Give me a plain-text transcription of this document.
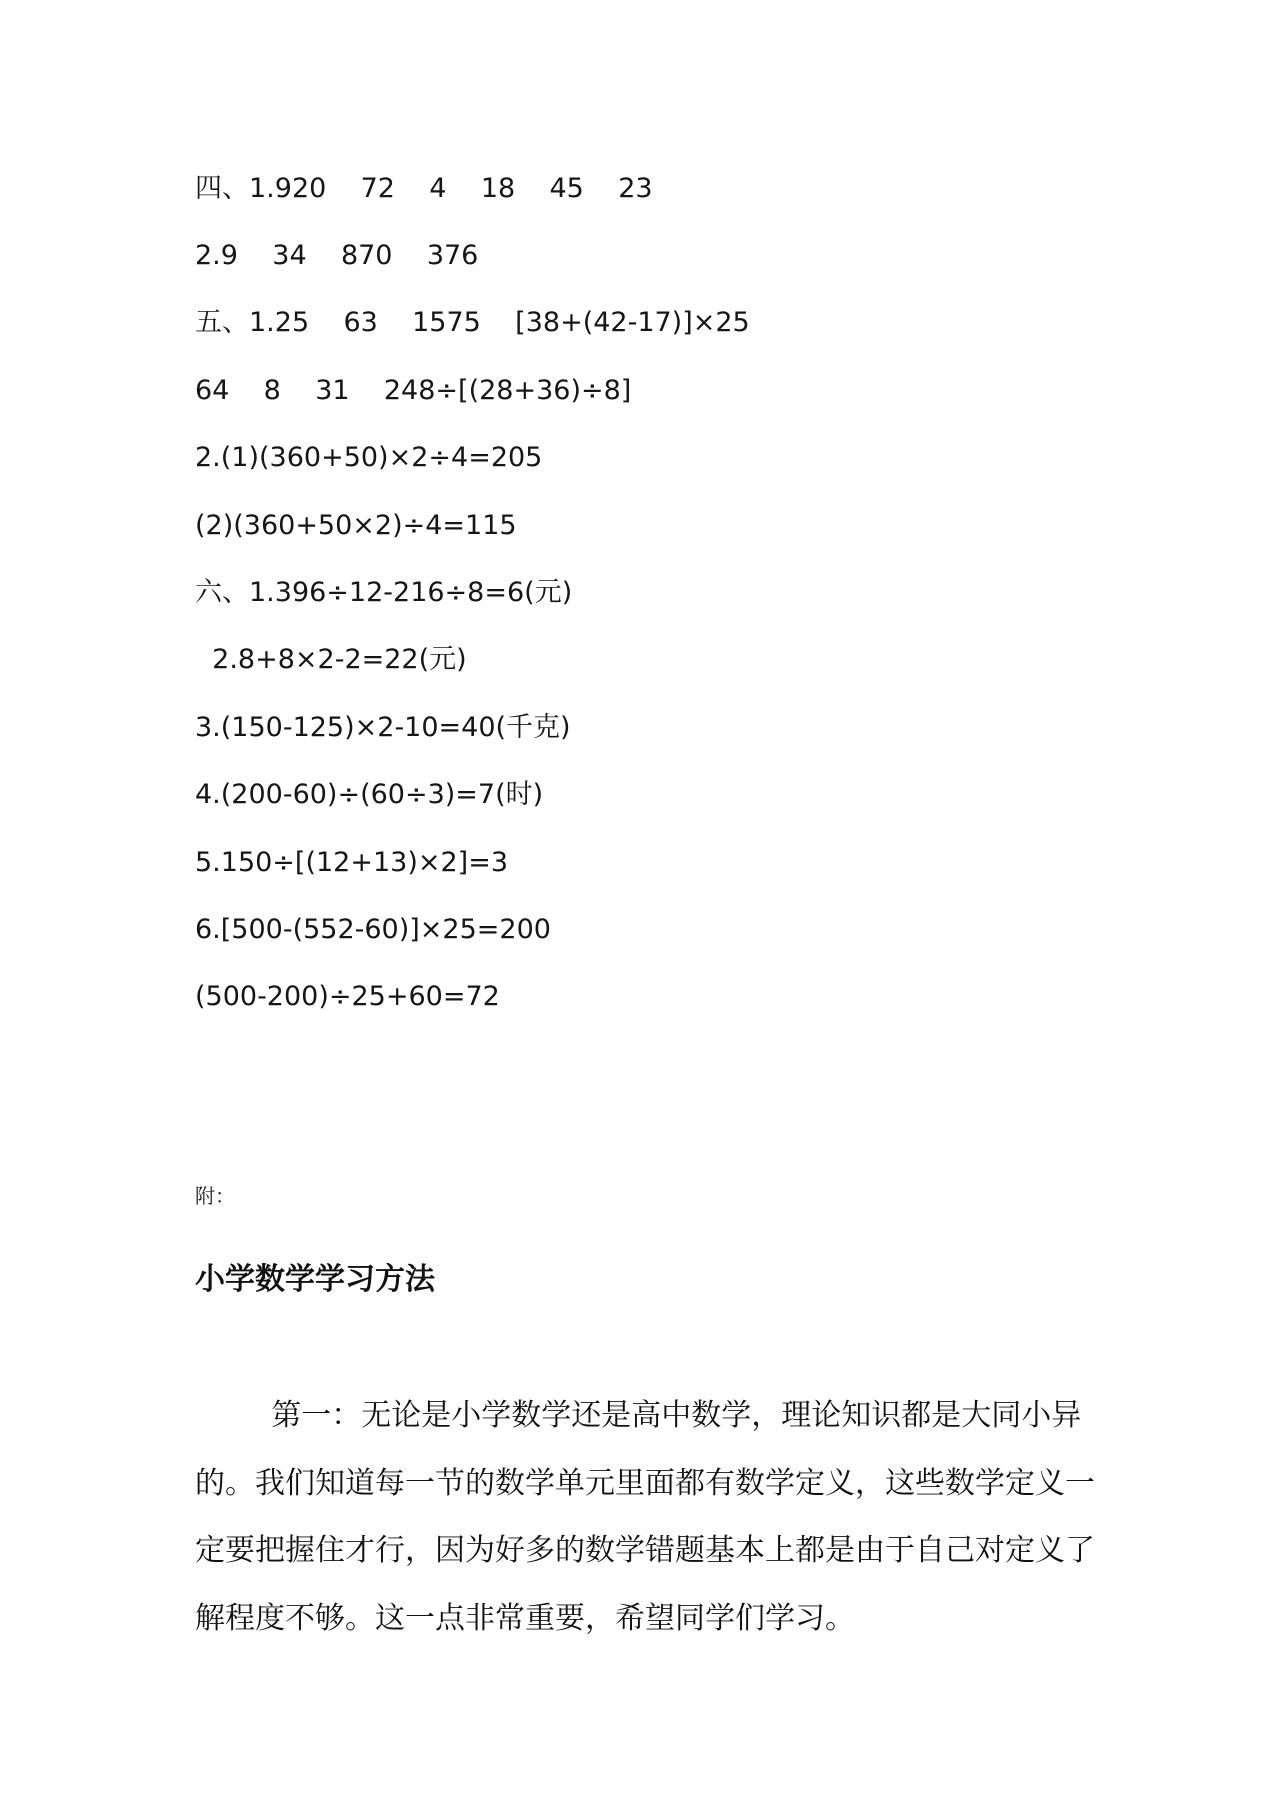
四、1.920    72    4    18    45    23
2.9    34    870    376
五、1.25    63    1575    [38+(42-17)]×25
64    8    31    248÷[(28+36)÷8]
2.(1)(360+50)×2÷4=205
(2)(360+50×2)÷4=115
六、1.396÷12-216÷8=6(元)
2.8+8×2-2=22(元)
3.(150-125)×2-10=40(千克)
4.(200-60)÷(60÷3)=7(时)
5.150÷[(12+13)×2]=3
6.[500-(552-60)]×25=200
(500-200)÷25+60=72
附：
小学数学学习方法
第一：无论是小学数学还是高中数学，理论知识都是大同小异
的。我们知道每一节的数学单元里面都有数学定义，这些数学定义一
定要把握住才行，因为好多的数学错题基本上都是由于自己对定义了
解程度不够。这一点非常重要，希望同学们学习。
